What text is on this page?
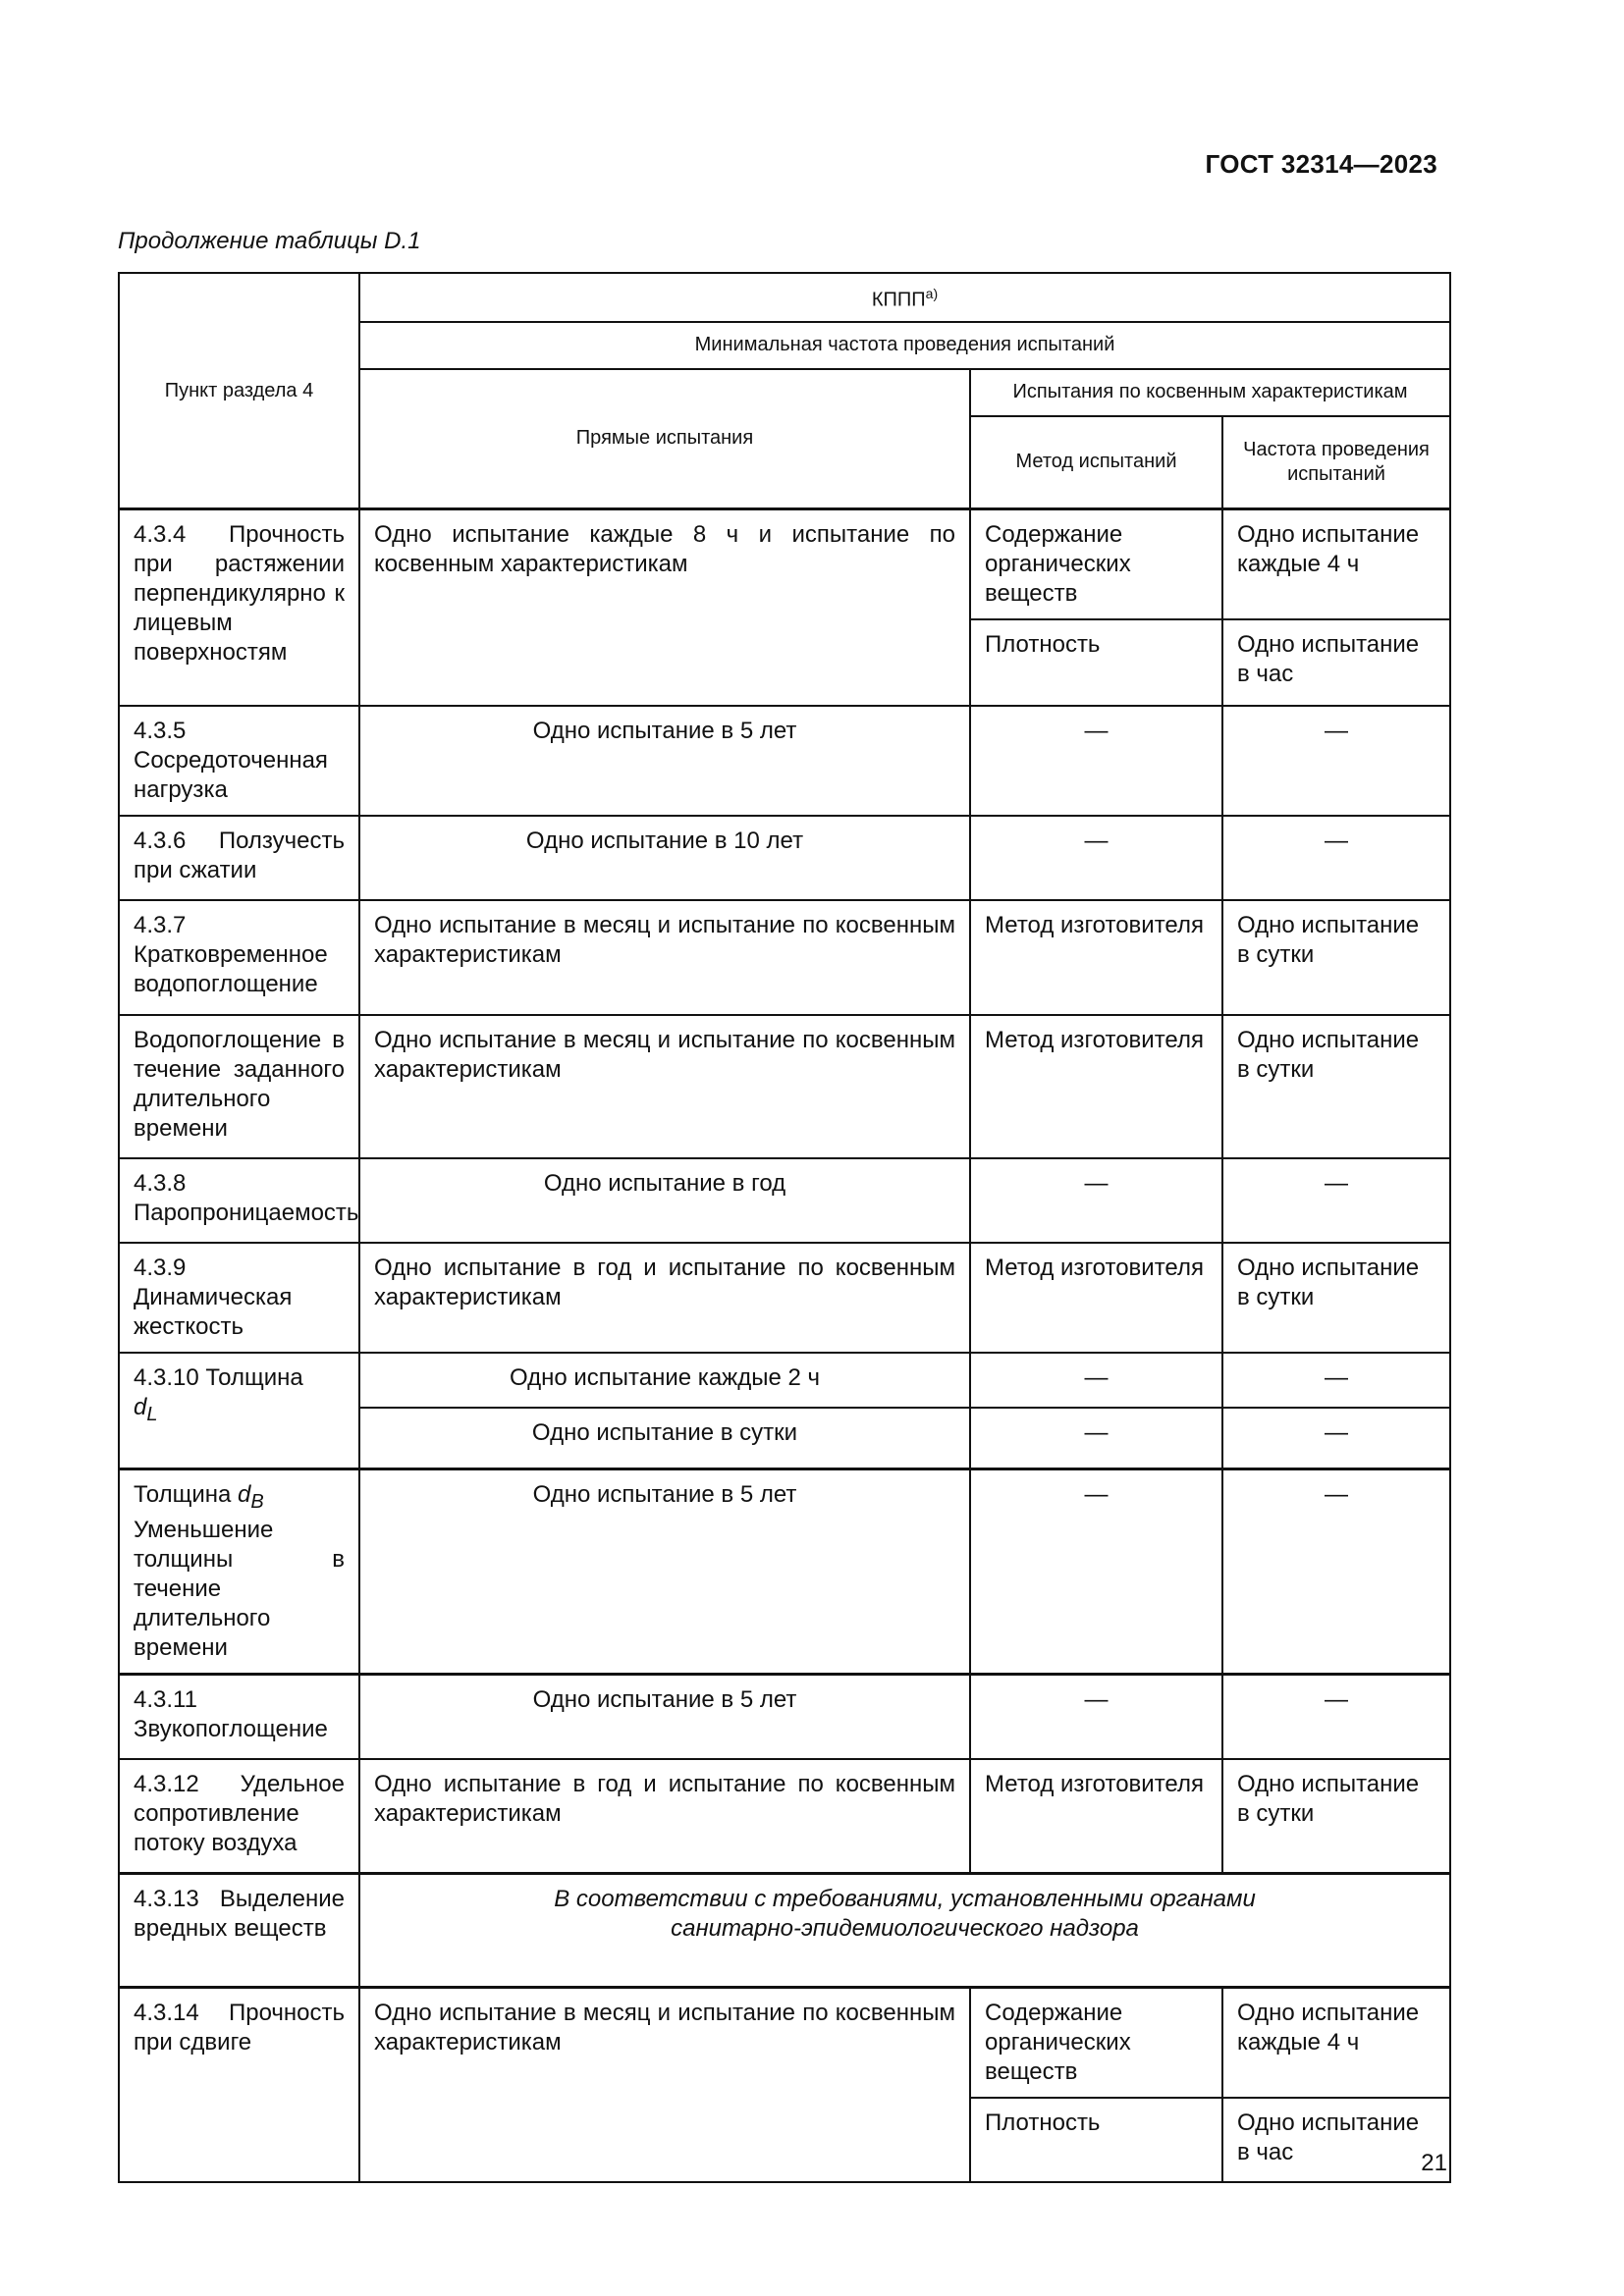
ГОСТ 32314—2023
Продолжение таблицы D.1
Пункт раздела 4	КППП$^{a)}$
	Минимальная частота проведения испытаний		
	Прямые испытания	Испытания по косвенным характеристикам	
		Метод испытаний	Частота проведения испытаний
4.3.4 Прочность при растяжении перпендикулярно к лицевым поверхностям	Одно испытание каждые 8 ч и испытание по косвенным характеристикам	Содержание органических веществ	Одно испытание каждые 4 ч
		Плотность	Одно испытание в час
4.3.5 Сосредоточенная нагрузка	Одно испытание в 5 лет	—	—
4.3.6 Ползучесть при сжатии	Одно испытание в 10 лет	—	—
4.3.7 Кратковременное водопоглощение	Одно испытание в месяц и испытание по косвенным характеристикам	Метод изготовителя	Одно испытание в сутки
Водопоглощение в течение заданного длительного времени	Одно испытание в месяц и испытание по косвенным характеристикам	Метод изготовителя	Одно испытание в сутки
4.3.8 Паропроницаемость	Одно испытание в год	—	—
4.3.9 Динамическая жесткость	Одно испытание в год и испытание по косвенным характеристикам	Метод изготовителя	Одно испытание в сутки
4.3.10 Толщина
$d_L$	Одно испытание каждые 2 ч	—	—
	Одно испытание в сутки	—	—
Толщина $d_B$
Уменьшение толщины в течение длительного времени	Одно испытание в 5 лет	—	—
4.3.11 Звукопоглощение	Одно испытание в 5 лет	—	—
4.3.12 Удельное сопротивление потоку воздуха	Одно испытание в год и испытание по косвенным характеристикам	Метод изготовителя	Одно испытание в сутки
4.3.13 Выделение вредных веществ	В соответствии с требованиями, установленными органами санитарно-эпидемиологического надзора		
4.3.14 Прочность при сдвиге	Одно испытание в месяц и испытание по косвенным характеристикам	Содержание органических веществ	Одно испытание каждые 4 ч
		Плотность	Одно испытание в час	21
